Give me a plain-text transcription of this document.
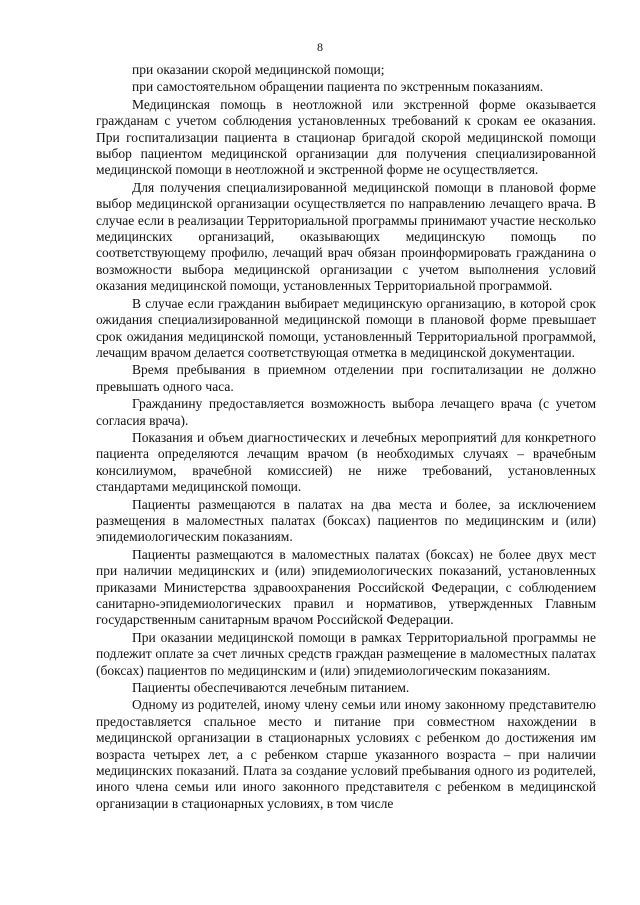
8

при оказании скорой медицинской помощи;

при самостоятельном обращении пациента по экстренным показаниям.

Медицинская помощь в неотложной или экстренной форме оказывается гражданам с учетом соблюдения установленных требований к срокам ее оказания. При госпитализации пациента в стационар бригадой скорой медицинской помощи выбор пациентом медицинской организации для получения специализированной медицинской помощи в неотложной и экстренной форме не осуществляется.

Для получения специализированной медицинской помощи в плановой форме выбор медицинской организации осуществляется по направлению лечащего врача. В случае если в реализации Территориальной программы принимают участие несколько медицинских организаций, оказывающих медицинскую помощь по соответствующему профилю, лечащий врач обязан проинформировать гражданина о возможности выбора медицинской организации с учетом выполнения условий оказания медицинской помощи, установленных Территориальной программой.

В случае если гражданин выбирает медицинскую организацию, в которой срок ожидания специализированной медицинской помощи в плановой форме превышает срок ожидания медицинской помощи, установленный Территориальной программой, лечащим врачом делается соответствующая отметка в медицинской документации.

Время пребывания в приемном отделении при госпитализации не должно превышать одного часа.

Гражданину предоставляется возможность выбора лечащего врача (с учетом согласия врача).

Показания и объем диагностических и лечебных мероприятий для конкретного пациента определяются лечащим врачом (в необходимых случаях – врачебным консилиумом, врачебной комиссией) не ниже требований, установленных стандартами медицинской помощи.

Пациенты размещаются в палатах на два места и более, за исключением размещения в маломестных палатах (боксах) пациентов по медицинским и (или) эпидемиологическим показаниям.

Пациенты размещаются в маломестных палатах (боксах) не более двух мест при наличии медицинских и (или) эпидемиологических показаний, установленных приказами Министерства здравоохранения Российской Федерации, с соблюдением санитарно-эпидемиологических правил и нормативов, утвержденных Главным государственным санитарным врачом Российской Федерации.

При оказании медицинской помощи в рамках Территориальной программы не подлежит оплате за счет личных средств граждан размещение в маломестных палатах (боксах) пациентов по медицинским и (или) эпидемиологическим показаниям.

Пациенты обеспечиваются лечебным питанием.

Одному из родителей, иному члену семьи или иному законному представителю предоставляется спальное место и питание при совместном нахождении в медицинской организации в стационарных условиях с ребенком до достижения им возраста четырех лет, а с ребенком старше указанного возраста – при наличии медицинских показаний. Плата за создание условий пребывания одного из родителей, иного члена семьи или иного законного представителя с ребенком в медицинской организации в стационарных условиях, в том числе
